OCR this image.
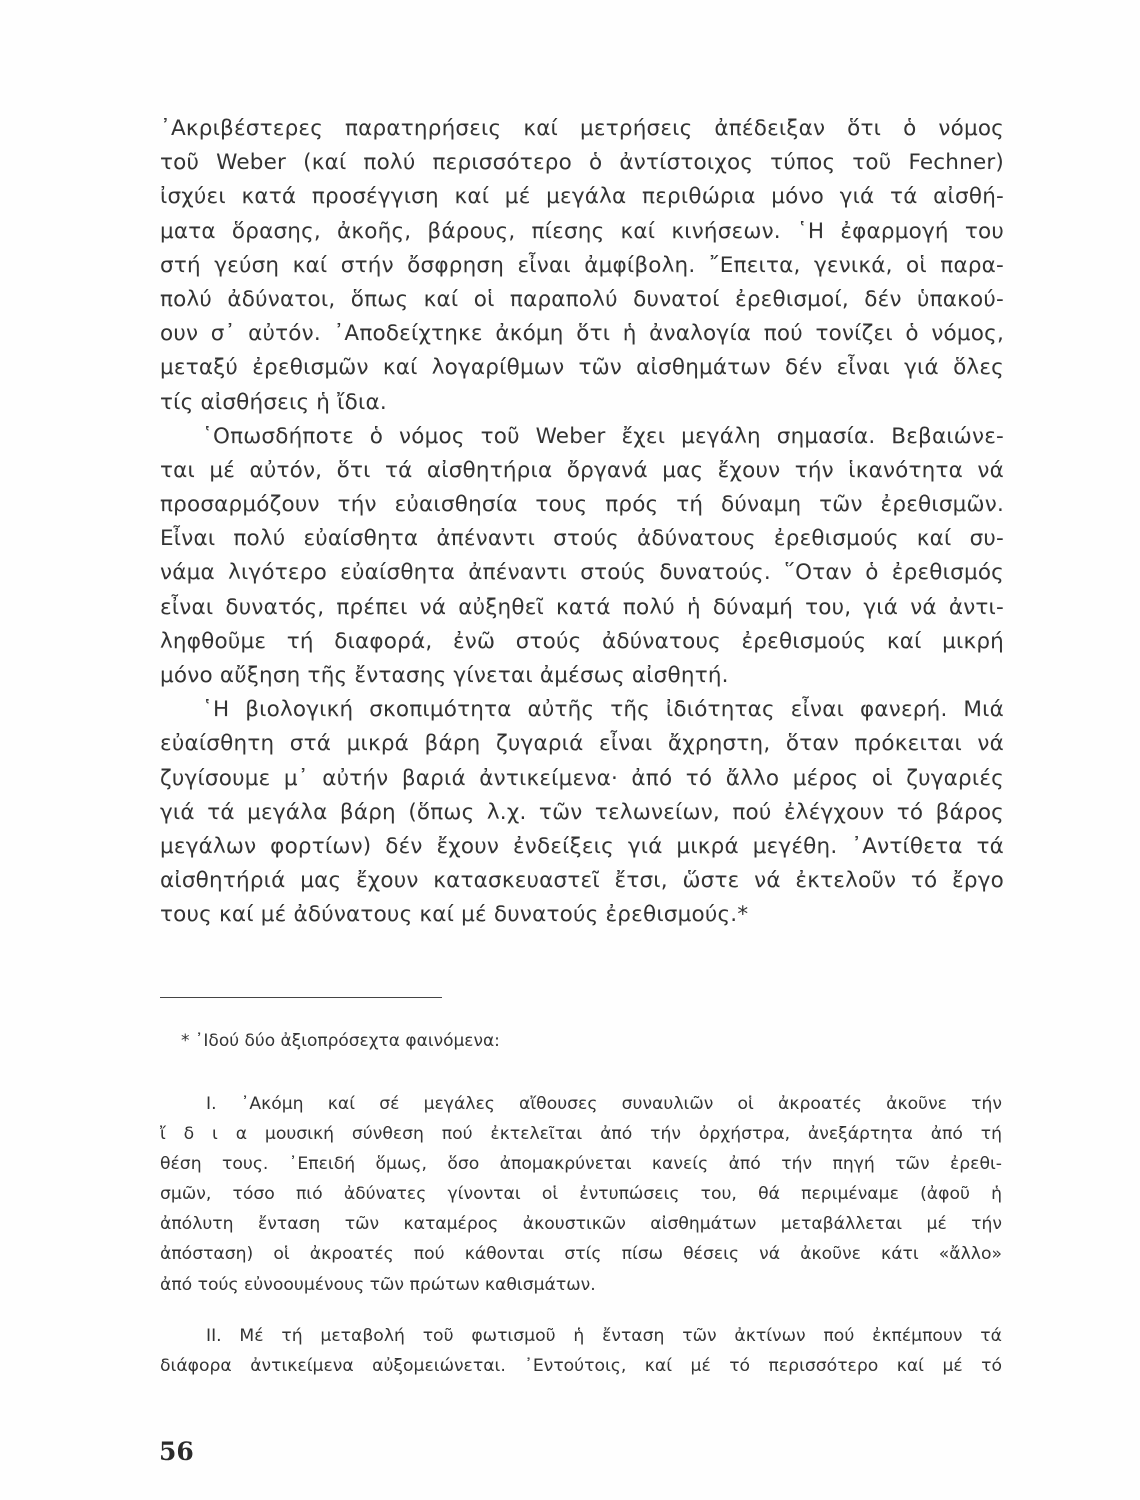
᾿Ακριβέστερες παρατηρήσεις καί μετρήσεις ἀπέδειξαν ὅτι ὁ νόμος
τοῦ Weber (καί πολύ περισσότερο ὁ ἀντίστοιχος τύπος τοῦ Fechner)
ἰσχύει κατά προσέγγιση καί μέ μεγάλα περιθώρια μόνο γιά τά αἰσθή-
ματα ὅρασης, ἀκοῆς, βάρους, πίεσης καί κινήσεων. ῾Η ἐφαρμογή του
στή γεύση καί στήν ὄσφρηση εἶναι ἀμφίβολη. ῎Επειτα, γενικά, οἱ παρα-
πολύ ἀδύνατοι, ὅπως καί οἱ παραπολύ δυνατοί ἐρεθισμοί, δέν ὑπακού-
ουν σ᾿ αὐτόν. ᾿Αποδείχτηκε ἀκόμη ὅτι ἡ ἀναλογία πού τονίζει ὁ νόμος,
μεταξύ ἐρεθισμῶν καί λογαρίθμων τῶν αἰσθημάτων δέν εἶναι γιά ὅλες
τίς αἰσθήσεις ἡ ἴδια.
῾Οπωσδήποτε ὁ νόμος τοῦ Weber ἔχει μεγάλη σημασία. Βεβαιώνε-
ται μέ αὐτόν, ὅτι τά αἰσθητήρια ὄργανά μας ἔχουν τήν ἱκανότητα νά
προσαρμόζουν τήν εὐαισθησία τους πρός τή δύναμη τῶν ἐρεθισμῶν.
Εἶναι πολύ εὐαίσθητα ἀπέναντι στούς ἀδύνατους ἐρεθισμούς καί συ-
νάμα λιγότερο εὐαίσθητα ἀπέναντι στούς δυνατούς. ῞Οταν ὁ ἐρεθισμός
εἶναι δυνατός, πρέπει νά αὐξηθεῖ κατά πολύ ἡ δύναμή του, γιά νά ἀντι-
ληφθοῦμε τή διαφορά, ἐνῶ στούς ἀδύνατους ἐρεθισμούς καί μικρή
μόνο αὔξηση τῆς ἔντασης γίνεται ἀμέσως αἰσθητή.
῾Η βιολογική σκοπιμότητα αὐτῆς τῆς ἰδιότητας εἶναι φανερή. Μιά
εὐαίσθητη στά μικρά βάρη ζυγαριά εἶναι ἄχρηστη, ὅταν πρόκειται νά
ζυγίσουμε μ᾿ αὐτήν βαριά ἀντικείμενα· ἀπό τό ἄλλο μέρος οἱ ζυγαριές
γιά τά μεγάλα βάρη (ὅπως λ.χ. τῶν τελωνείων, πού ἐλέγχουν τό βάρος
μεγάλων φορτίων) δέν ἔχουν ἐνδείξεις γιά μικρά μεγέθη. ᾿Αντίθετα τά
αἰσθητήριά μας ἔχουν κατασκευαστεῖ ἔτσι, ὥστε νά ἐκτελοῦν τό ἔργο
τους καί μέ ἀδύνατους καί μέ δυνατούς ἐρεθισμούς.*
* ᾿Ιδού δύο ἀξιοπρόσεχτα φαινόμενα:
I. ᾿Ακόμη καί σέ μεγάλες αἴθουσες συναυλιῶν οἱ ἀκροατές ἀκοῦνε τήν
ἴ δ ι α μουσική σύνθεση πού ἐκτελεῖται ἀπό τήν ὀρχήστρα, ἀνεξάρτητα ἀπό τή
θέση τους. ᾿Επειδή ὅμως, ὅσο ἀπομακρύνεται κανείς ἀπό τήν πηγή τῶν ἐρεθι-
σμῶν, τόσο πιό ἀδύνατες γίνονται οἱ ἐντυπώσεις του, θά περιμέναμε (ἀφοῦ ἡ
ἀπόλυτη ἔνταση τῶν καταμέρος ἀκουστικῶν αἰσθημάτων μεταβάλλεται μέ τήν
ἀπόσταση) οἱ ἀκροατές πού κάθονται στίς πίσω θέσεις νά ἀκοῦνε κάτι «ἄλλο»
ἀπό τούς εὐνοουμένους τῶν πρώτων καθισμάτων.
II. Μέ τή μεταβολή τοῦ φωτισμοῦ ἡ ἔνταση τῶν ἀκτίνων πού ἐκπέμπουν τά
διάφορα ἀντικείμενα αὐξομειώνεται. ᾿Εντούτοις, καί μέ τό περισσότερο καί μέ τό
56
